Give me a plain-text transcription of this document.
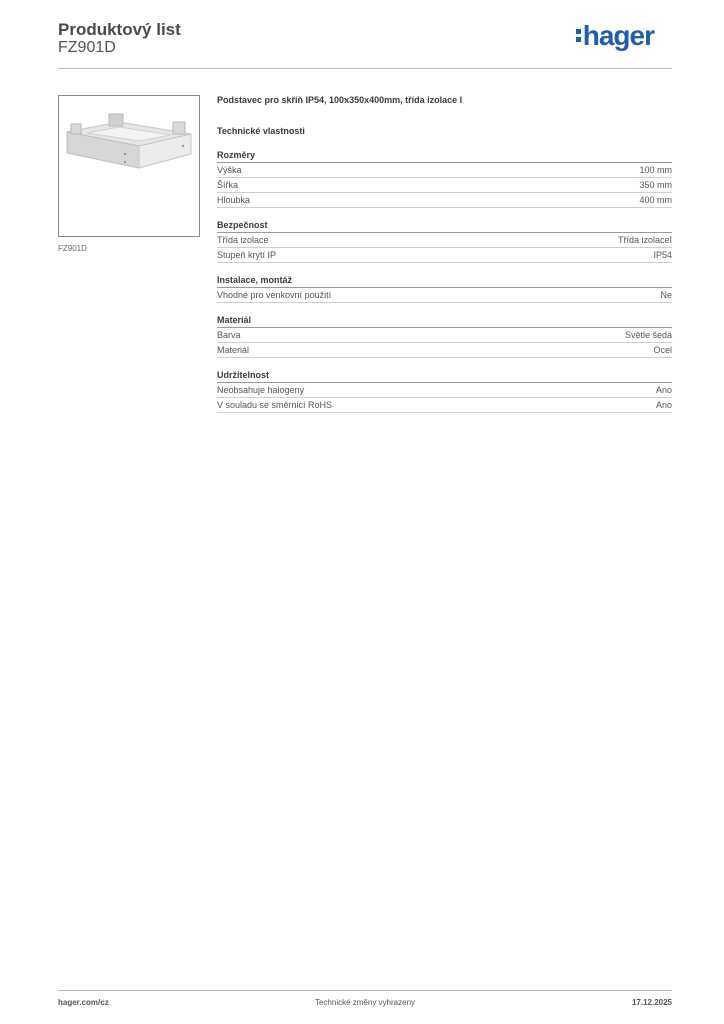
Produktový list
FZ901D	hager
FZ901D
Podstavec pro skříň IP54, 100x350x400mm, třída izolace I
Technické vlastnosti
Rozměry
Výška	100 mm
Šířka	350 mm
Hloubka	400 mm
Bezpečnost
Třída izolace	Třída izolaceI
Stupeň krytí IP	IP54
Instalace, montáž
Vhodné pro venkovní použití	Ne
Materiál
Barva	Světle šedá
Materiál	Ocel
Udržitelnost
Neobsahuje halogeny	Ano
V souladu se směrnicí RoHS	Ano
hager.com/cz	Technické změny vyhrazeny	17.12.2025
